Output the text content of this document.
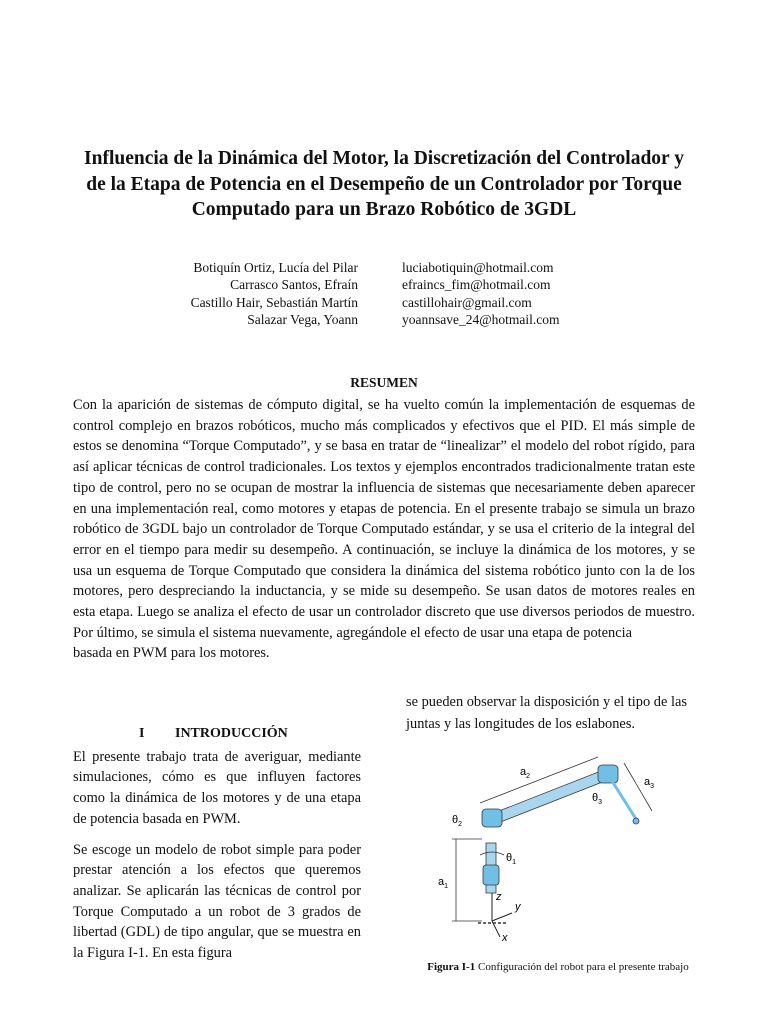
Influencia de la Dinámica del Motor, la Discretización del Controlador y de la Etapa de Potencia en el Desempeño de un Controlador por Torque Computado para un Brazo Robótico de 3GDL
Botiquín Ortiz, Lucía del Pilar
Carrasco Santos, Efraín
Castillo Hair, Sebastián Martín
Salazar Vega, Yoann
luciabotiquin@hotmail.com
efraincs_fim@hotmail.com
castillohair@gmail.com
yoannsave_24@hotmail.com
RESUMEN
Con la aparición de sistemas de cómputo digital, se ha vuelto común la implementación de esquemas de control complejo en brazos robóticos, mucho más complicados y efectivos que el PID. El más simple de estos se denomina “Torque Computado”, y se basa en tratar de “linealizar” el modelo del robot rígido, para así aplicar técnicas de control tradicionales. Los textos y ejemplos encontrados tradicionalmente tratan este tipo de control, pero no se ocupan de mostrar la influencia de sistemas que necesariamente deben aparecer en una implementación real, como motores y etapas de potencia. En el presente trabajo se simula un brazo robótico de 3GDL bajo un controlador de Torque Computado estándar, y se usa el criterio de la integral del error en el tiempo para medir su desempeño. A continuación, se incluye la dinámica de los motores, y se usa un esquema de Torque Computado que considera la dinámica del sistema robótico junto con la de los motores, pero despreciando la inductancia, y se mide su desempeño. Se usan datos de motores reales en esta etapa. Luego se analiza el efecto de usar un controlador discreto que use diversos periodos de muestro. Por último, se simula el sistema nuevamente, agregándole el efecto de usar una etapa de potencia
basada en PWM para los motores.
I INTRODUCCIÓN

El presente trabajo trata de averiguar, mediante simulaciones, cómo es que influyen factores como la dinámica de los motores y de una etapa de potencia basada en PWM.

Se escoge un modelo de robot simple para poder prestar atención a los efectos que queremos analizar. Se aplicarán las técnicas de control por Torque Computado a un robot de 3 grados de libertad (GDL) de tipo angular, que se muestra en la Figura I-1. En esta figura

se pueden observar la disposición y el tipo de las juntas y las longitudes de los eslabones.
z
y
x
$a_1$
$\theta_1$
$\theta_2$
$a_2$
$\theta_3$
$a_3$
Figura I-1 Configuración del robot para el presente trabajo
